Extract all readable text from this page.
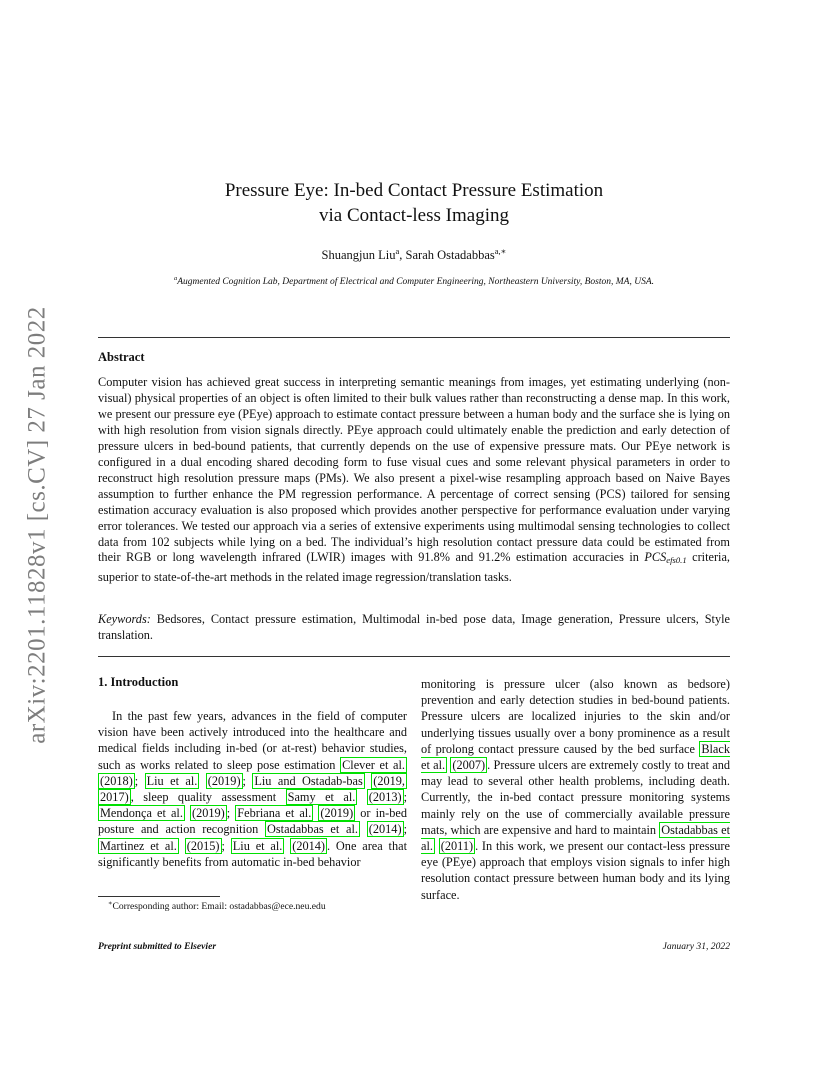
arXiv:2201.11828v1 [cs.CV] 27 Jan 2022
Pressure Eye: In-bed Contact Pressure Estimation
via Contact-less Imaging
Shuangjun Liu$^a$, Sarah Ostadabbas$^{a,∗}$
$^a$Augmented Cognition Lab, Department of Electrical and Computer Engineering, Northeastern University, Boston, MA, USA.
Abstract

Computer vision has achieved great success in interpreting semantic meanings from images, yet estimating underlying (non-visual) physical properties of an object is often limited to their bulk values rather than reconstructing a dense map. In this work, we present our pressure eye (PEye) approach to estimate contact pressure between a human body and the surface she is lying on with high resolution from vision signals directly. PEye approach could ultimately enable the prediction and early detection of pressure ulcers in bed-bound patients, that currently depends on the use of expensive pressure mats. Our PEye network is configured in a dual encoding shared decoding form to fuse visual cues and some relevant physical parameters in order to reconstruct high resolution pressure maps (PMs). We also present a pixel-wise resampling approach based on Naive Bayes assumption to further enhance the PM regression performance. A percentage of correct sensing (PCS) tailored for sensing estimation accuracy evaluation is also proposed which provides another perspective for performance evaluation under varying error tolerances. We tested our approach via a series of extensive experiments using multimodal sensing technologies to collect data from 102 subjects while lying on a bed. The individual’s high resolution contact pressure data could be estimated from their RGB or long wavelength infrared (LWIR) images with 91.8% and 91.2% estimation accuracies in PCSefs0.1 criteria, superior to state-of-the-art methods in the related image regression/translation tasks.

Keywords: Bedsores, Contact pressure estimation, Multimodal in-bed pose data, Image generation, Pressure ulcers, Style translation.

1. Introduction

In the past few years, advances in the field of computer vision have been actively introduced into the healthcare and medical fields including in-bed (or at-rest) behavior studies, such as works related to sleep pose estimation Clever et al. (2018) ; Liu et al. (2019) ; Liu and Ostadab-bas (2019, 2017) , sleep quality assessment Samy et al. (2013) ; Mendonça et al. (2019) ; Febriana et al. (2019) or in-bed posture and action recognition Ostadabbas et al. (2014) ; Martinez et al. (2015) ; Liu et al. (2014) . One area that significantly benefits from automatic in-bed behavior

monitoring is pressure ulcer (also known as bedsore) prevention and early detection studies in bed-bound patients. Pressure ulcers are localized injuries to the skin and/or underlying tissues usually over a bony prominence as a result of prolong contact pressure caused by the bed surface Black et al. (2007) . Pressure ulcers are extremely costly to treat and may lead to several other health problems, including death. Currently, the in-bed contact pressure monitoring systems mainly rely on the use of commercially available pressure mats, which are expensive and hard to maintain Ostadabbas et al. (2011) . In this work, we present our contact-less pressure eye (PEye) approach that employs vision signals to infer high resolution contact pressure between human body and its lying surface.

∗Corresponding author: Email: ostadabbas@ece.neu.edu
Preprint submitted to Elsevier	January 31, 2022
